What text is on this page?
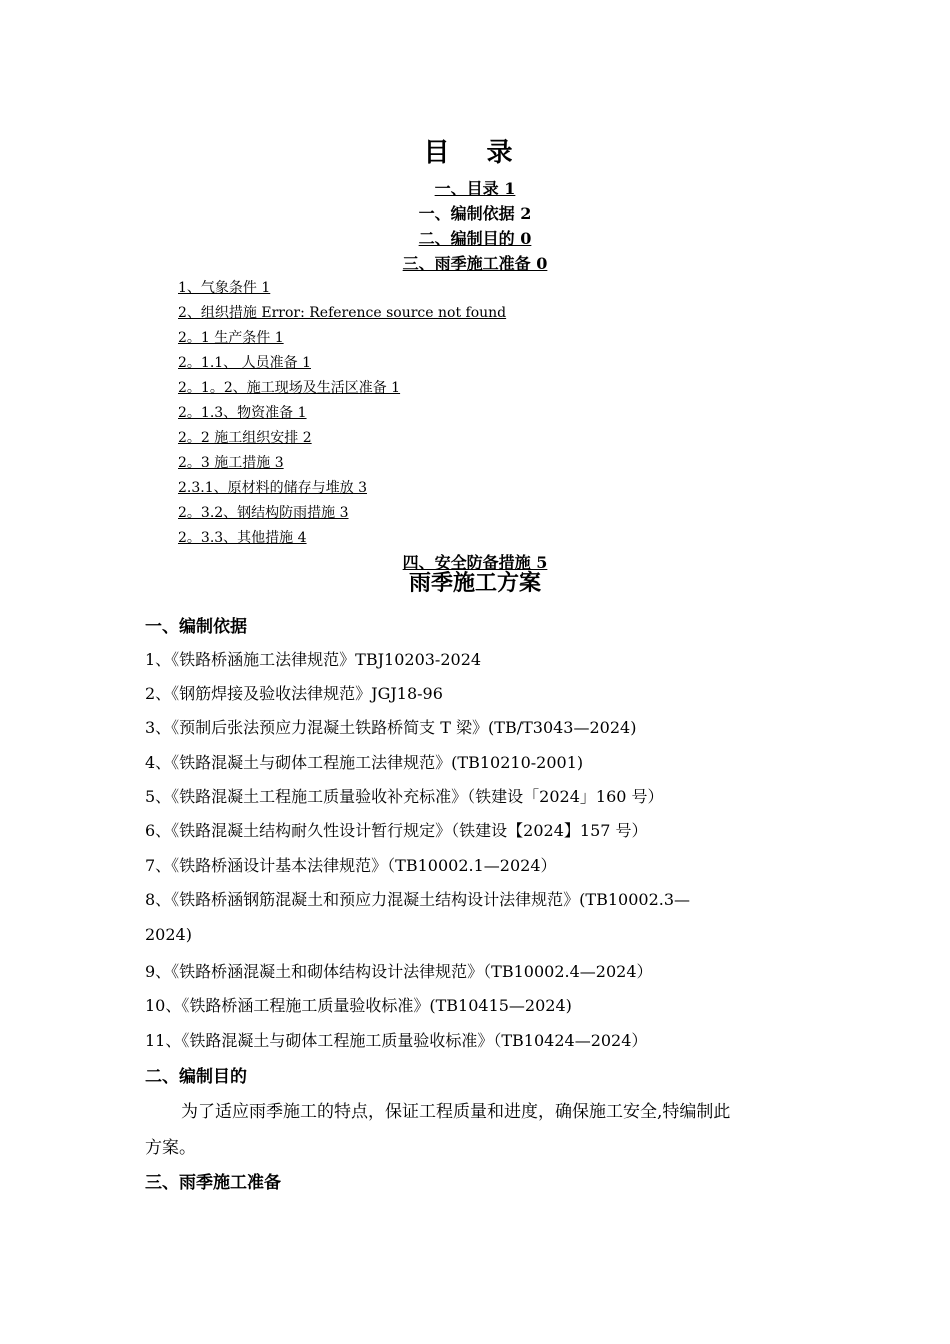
目 录
一、目录 1
一、编制依据 2
二、编制目的 0
三、雨季施工准备 0
1、气象条件 1
2、组织措施 Error: Reference source not found
2。1 生产条件 1
2。1.1、 人员准备 1
2。1。2、施工现场及生活区准备 1
2。1.3、物资准备 1
2。2 施工组织安排 2
2。3 施工措施 3
2.3.1、原材料的储存与堆放 3
2。3.2、钢结构防雨措施 3
2。3.3、其他措施 4
四、安全防备措施 5
雨季施工方案
一、编制依据
1、《铁路桥涵施工法律规范》TBJ10203-2024
2、《钢筋焊接及验收法律规范》JGJ18-96
3、《预制后张法预应力混凝土铁路桥简支 T 梁》(TB/T3043—2024)
4、《铁路混凝土与砌体工程施工法律规范》(TB10210-2001)
5、《铁路混凝土工程施工质量验收补充标准》（铁建设「2024」160 号）
6、《铁路混凝土结构耐久性设计暂行规定》（铁建设【2024】157 号）
7、《铁路桥涵设计基本法律规范》（TB10002.1—2024）
8、《铁路桥涵钢筋混凝土和预应力混凝土结构设计法律规范》(TB10002.3—
2024)
9、《铁路桥涵混凝土和砌体结构设计法律规范》（TB10002.4—2024）
10、《铁路桥涵工程施工质量验收标准》(TB10415—2024)
11、《铁路混凝土与砌体工程施工质量验收标准》（TB10424—2024）
二、编制目的
为了适应雨季施工的特点，保证工程质量和进度，确保施工安全,特编制此
方案。
三、雨季施工准备
